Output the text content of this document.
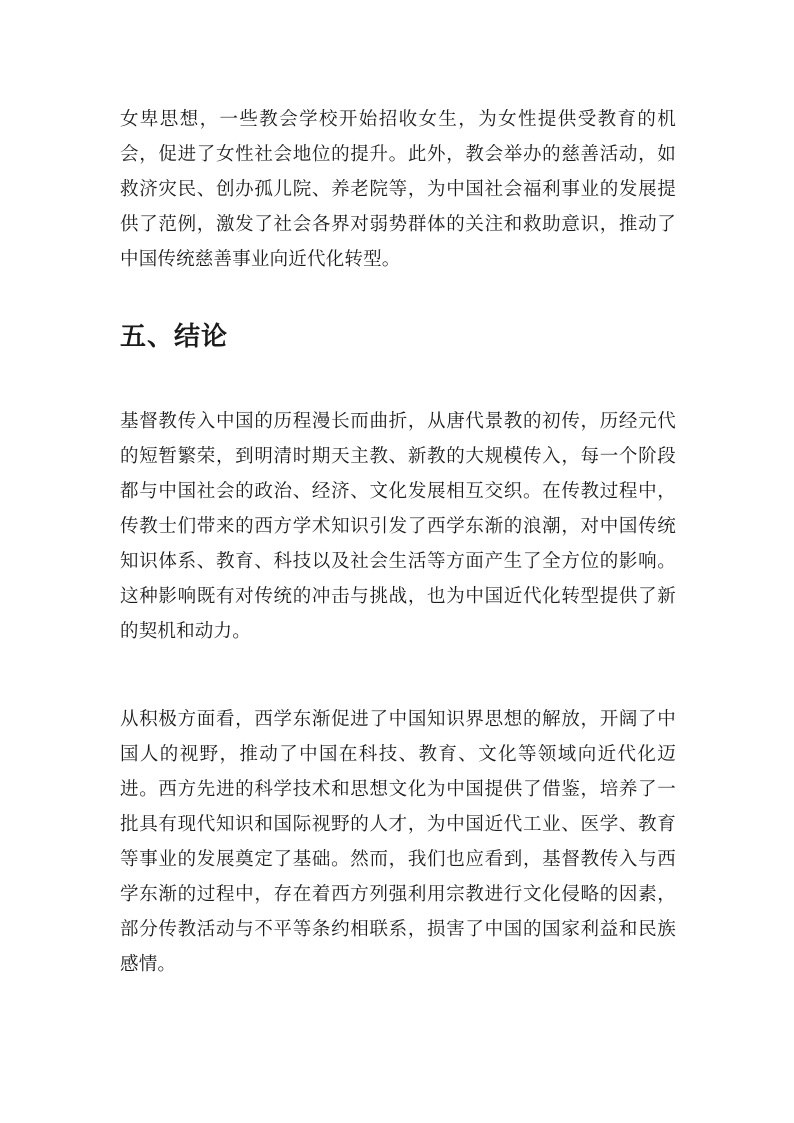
女卑思想，一些教会学校开始招收女生，为女性提供受教育的机会，促进了女性社会地位的提升。此外，教会举办的慈善活动，如救济灾民、创办孤儿院、养老院等，为中国社会福利事业的发展提供了范例，激发了社会各界对弱势群体的关注和救助意识，推动了中国传统慈善事业向近代化转型。

五、结论

基督教传入中国的历程漫长而曲折，从唐代景教的初传，历经元代的短暂繁荣，到明清时期天主教、新教的大规模传入，每一个阶段都与中国社会的政治、经济、文化发展相互交织。在传教过程中，传教士们带来的西方学术知识引发了西学东渐的浪潮，对中国传统知识体系、教育、科技以及社会生活等方面产生了全方位的影响。这种影响既有对传统的冲击与挑战，也为中国近代化转型提供了新的契机和动力。

从积极方面看，西学东渐促进了中国知识界思想的解放，开阔了中国人的视野，推动了中国在科技、教育、文化等领域向近代化迈进。西方先进的科学技术和思想文化为中国提供了借鉴，培养了一批具有现代知识和国际视野的人才，为中国近代工业、医学、教育等事业的发展奠定了基础。然而，我们也应看到，基督教传入与西学东渐的过程中，存在着西方列强利用宗教进行文化侵略的因素，部分传教活动与不平等条约相联系，损害了中国的国家利益和民族感情。
